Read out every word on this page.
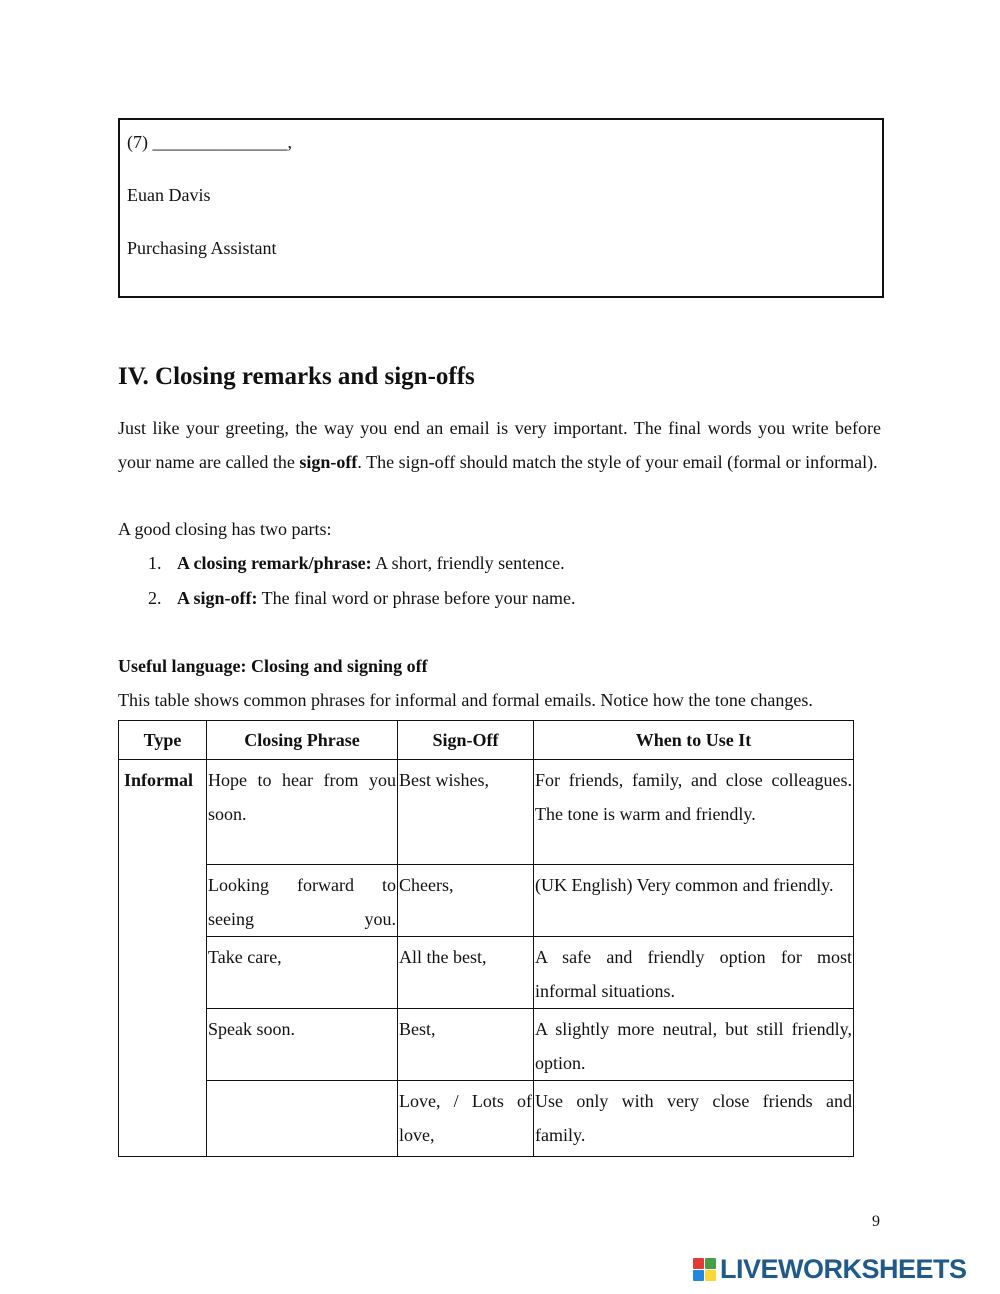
(7) _______________,
Euan Davis
Purchasing Assistant
IV. Closing remarks and sign-offs
Just like your greeting, the way you end an email is very important. The final words you write before your name are called the sign-off. The sign-off should match the style of your email (formal or informal).
A good closing has two parts:
1. A closing remark/phrase: A short, friendly sentence.
2. A sign-off: The final word or phrase before your name.
Useful language: Closing and signing off
This table shows common phrases for informal and formal emails. Notice how the tone changes.
Type	Closing Phrase	Sign-Off	When to Use It
Informal	Hope to hear from you soon.	Best wishes,	For friends, family, and close colleagues. The tone is warm and friendly.
	Looking forward to seeing you.	Cheers,	(UK English) Very common and friendly.
	Take care,	All the best,	A safe and friendly option for most informal situations.
	Speak soon.	Best,	A slightly more neutral, but still friendly, option.
		Love, / Lots of love,	Use only with very close friends and family.
9
LIVEWORKSHEETS
